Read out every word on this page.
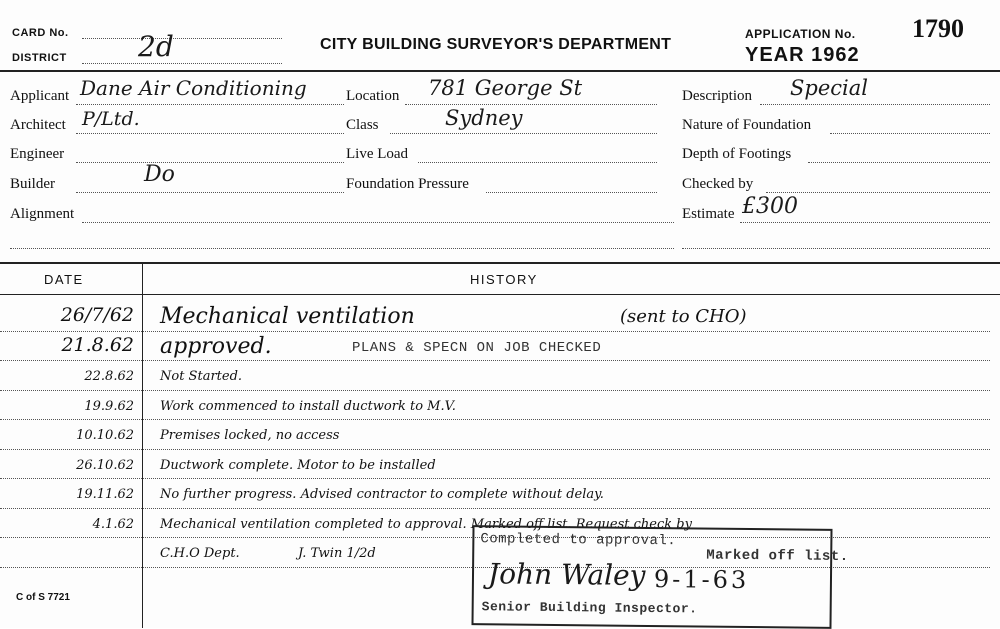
CARD No.
DISTRICT	2d	CITY BUILDING SURVEYOR'S DEPARTMENT
APPLICATION No. 1790
YEAR 1962
Applicant Dane Air Conditioning
Architect P/Ltd.
Engineer
Builder	Do
Alignment
Location 781 George St
Class	Sydney
Live Load
Foundation Pressure
Description Special
Nature of Foundation
Depth of Footings
Checked by
Estimate £300
DATE	HISTORY
26/7/62 Mechanical ventilation	(sent to CHO)
21.8.62 approved.	PLANS & SPECN ON JOB CHECKED
22.8.62 Not Started.
19.9.62 Work commenced to install ductwork to M.V.
10.10.62 Premises locked, no access
26.10.62 Ductwork complete. Motor to be installed
19.11.62 No further progress. Advised contractor to complete without delay.
4.1.62 Mechanical ventilation completed to approval. Marked off list. Request check by
C.H.O Dept.	J. Twin 1/2d
Completed to approval.
Marked off list.
John Waley 9-1-63
Senior Building Inspector.
C of S 7721
